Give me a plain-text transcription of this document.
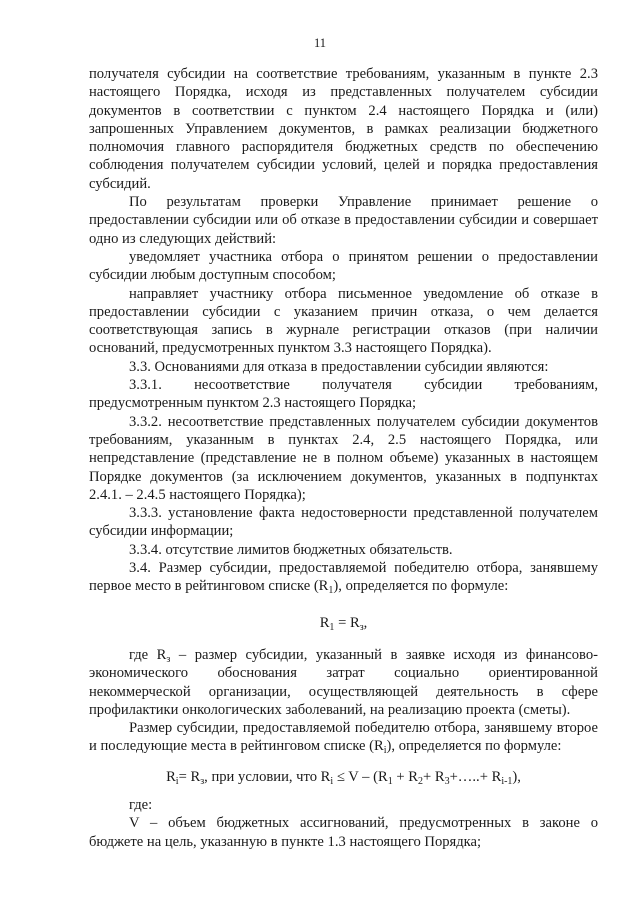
11

получателя субсидии на соответствие требованиям, указанным в пункте 2.3 настоящего Порядка, исходя из представленных получателем субсидии документов в соответствии с пунктом 2.4 настоящего Порядка и (или) запрошенных Управлением документов, в рамках реализации бюджетного полномочия главного распорядителя бюджетных средств по обеспечению соблюдения получателем субсидии условий, целей и порядка предоставления субсидий.

По результатам проверки Управление принимает решение о предоставлении субсидии или об отказе в предоставлении субсидии и совершает одно из следующих действий:

уведомляет участника отбора о принятом решении о предоставлении субсидии любым доступным способом;

направляет участнику отбора письменное уведомление об отказе в предоставлении субсидии с указанием причин отказа, о чем делается соответствующая запись в журнале регистрации отказов (при наличии оснований, предусмотренных пунктом 3.3 настоящего Порядка).

3.3. Основаниями для отказа в предоставлении субсидии являются:

3.3.1. несоответствие получателя субсидии требованиям, предусмотренным пунктом 2.3 настоящего Порядка;

3.3.2. несоответствие представленных получателем субсидии документов требованиям, указанным в пунктах 2.4, 2.5 настоящего Порядка, или непредставление (представление не в полном объеме) указанных в настоящем Порядке документов (за исключением документов, указанных в подпунктах 2.4.1. – 2.4.5 настоящего Порядка);

3.3.3. установление факта недостоверности представленной получателем субсидии информации;

3.3.4. отсутствие лимитов бюджетных обязательств.

3.4. Размер субсидии, предоставляемой победителю отбора, занявшему первое место в рейтинговом списке $(R_1)$, определяется по формуле:

$R_1 = R_з$,

где $R_з$ – размер субсидии, указанный в заявке исходя из финансово-экономического обоснования затрат социально ориентированной некоммерческой организации, осуществляющей деятельность в сфере профилактики онкологических заболеваний, на реализацию проекта (сметы).

Размер субсидии, предоставляемой победителю отбора, занявшему второе и последующие места в рейтинговом списке $(R_i)$, определяется по формуле:

$R_i= R_з$, при условии, что $R_i \le V - (R_1 + R_2+$ $R_3+\dots..+ R_{i-1}$),

где:

V – объем бюджетных ассигнований, предусмотренных в законе о бюджете на цель, указанную в пункте 1.3 настоящего Порядка;
